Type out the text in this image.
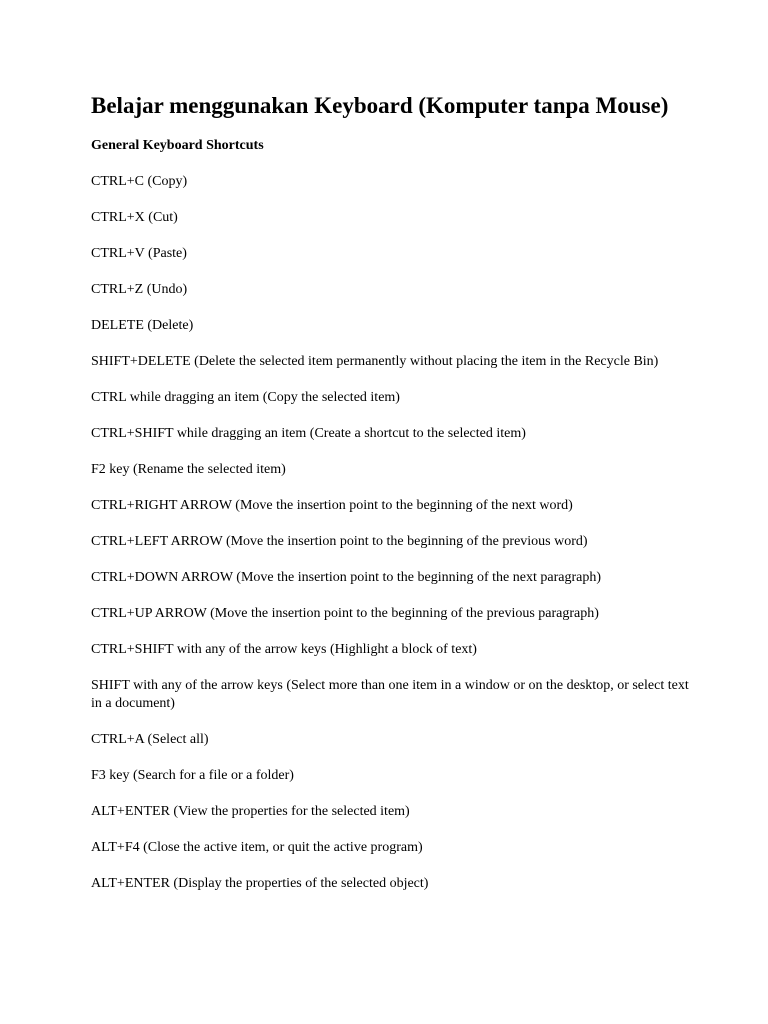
Belajar menggunakan Keyboard (Komputer tanpa Mouse)
General Keyboard Shortcuts
CTRL+C (Copy)
CTRL+X (Cut)
CTRL+V (Paste)
CTRL+Z (Undo)
DELETE (Delete)
SHIFT+DELETE (Delete the selected item permanently without placing the item in the Recycle Bin)
CTRL while dragging an item (Copy the selected item)
CTRL+SHIFT while dragging an item (Create a shortcut to the selected item)
F2 key (Rename the selected item)
CTRL+RIGHT ARROW (Move the insertion point to the beginning of the next word)
CTRL+LEFT ARROW (Move the insertion point to the beginning of the previous word)
CTRL+DOWN ARROW (Move the insertion point to the beginning of the next paragraph)
CTRL+UP ARROW (Move the insertion point to the beginning of the previous paragraph)
CTRL+SHIFT with any of the arrow keys (Highlight a block of text)
SHIFT with any of the arrow keys (Select more than one item in a window or on the desktop, or select text in a document)
CTRL+A (Select all)
F3 key (Search for a file or a folder)
ALT+ENTER (View the properties for the selected item)
ALT+F4 (Close the active item, or quit the active program)
ALT+ENTER (Display the properties of the selected object)
